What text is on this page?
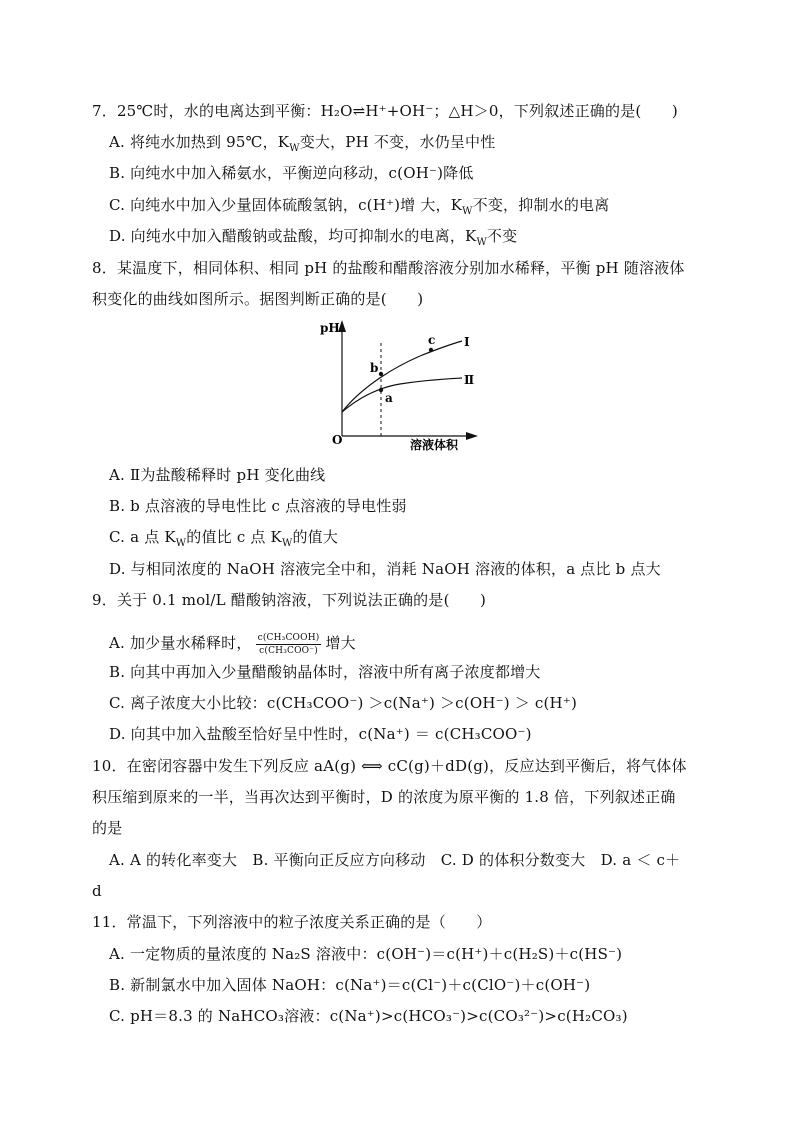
7．25℃时，水的电离达到平衡：H₂O⇌H⁺+OH⁻；△H＞0，下列叙述正确的是(　　)
A. 将纯水加热到 95℃，$K_W$变大，PH 不变，水仍呈中性
B. 向纯水中加入稀氨水，平衡逆向移动，c(OH⁻)降低
C. 向纯水中加入少量固体硫酸氢钠，c(H⁺)增 大，$K_W$不变，抑制水的电离
D. 向纯水中加入醋酸钠或盐酸，均可抑制水的电离，$K_W$不变
8．某温度下，相同体积、相同 pH 的盐酸和醋酸溶液分别加水稀释，平衡 pH 随溶液体
积变化的曲线如图所示。据图判断正确的是(　　)
pH
溶液体积
O
Ⅰ
Ⅱ
b
a
c
A. Ⅱ为盐酸稀释时 pH 变化曲线
B. b 点溶液的导电性比 c 点溶液的导电性弱
C. a 点 $K_W$的值比 c 点 $K_W$的值大
D. 与相同浓度的 NaOH 溶液完全中和，消耗 NaOH 溶液的体积，a 点比 b 点大
9．关于 0.1 mol/L 醋酸钠溶液，下列说法正确的是(　　)
A. 加少量水稀释时， $\frac{\text{c(CH₃COOH)}}{\text{c(CH₃COO⁻)}}$ 增大
B. 向其中再加入少量醋酸钠晶体时，溶液中所有离子浓度都增大
C. 离子浓度大小比较：c(CH₃COO⁻) ＞c(Na⁺) ＞c(OH⁻) ＞ c(H⁺)
D. 向其中加入盐酸至恰好呈中性时，c(Na⁺) ＝ c(CH₃COO⁻)
10．在密闭容器中发生下列反应 aA(g) ⟺ cC(g)＋dD(g)，反应达到平衡后，将气体体
积压缩到原来的一半，当再次达到平衡时，D 的浓度为原平衡的 1.8 倍，下列叙述正确
的是
A. A 的转化率变大　B. 平衡向正反应方向移动　C. D 的体积分数变大　D. a ＜ c＋
d
11．常温下，下列溶液中的粒子浓度关系正确的是（　　）
A. 一定物质的量浓度的 Na₂S 溶液中：c(OH⁻)＝c(H⁺)＋c(H₂S)＋c(HS⁻)
B. 新制氯水中加入固体 NaOH：c(Na⁺)＝c(Cl⁻)＋c(ClO⁻)＋c(OH⁻)
C. pH＝8.3 的 NaHCO₃溶液：c(Na⁺)>c(HCO₃⁻)>c(CO₃²⁻)>c(H₂CO₃)
